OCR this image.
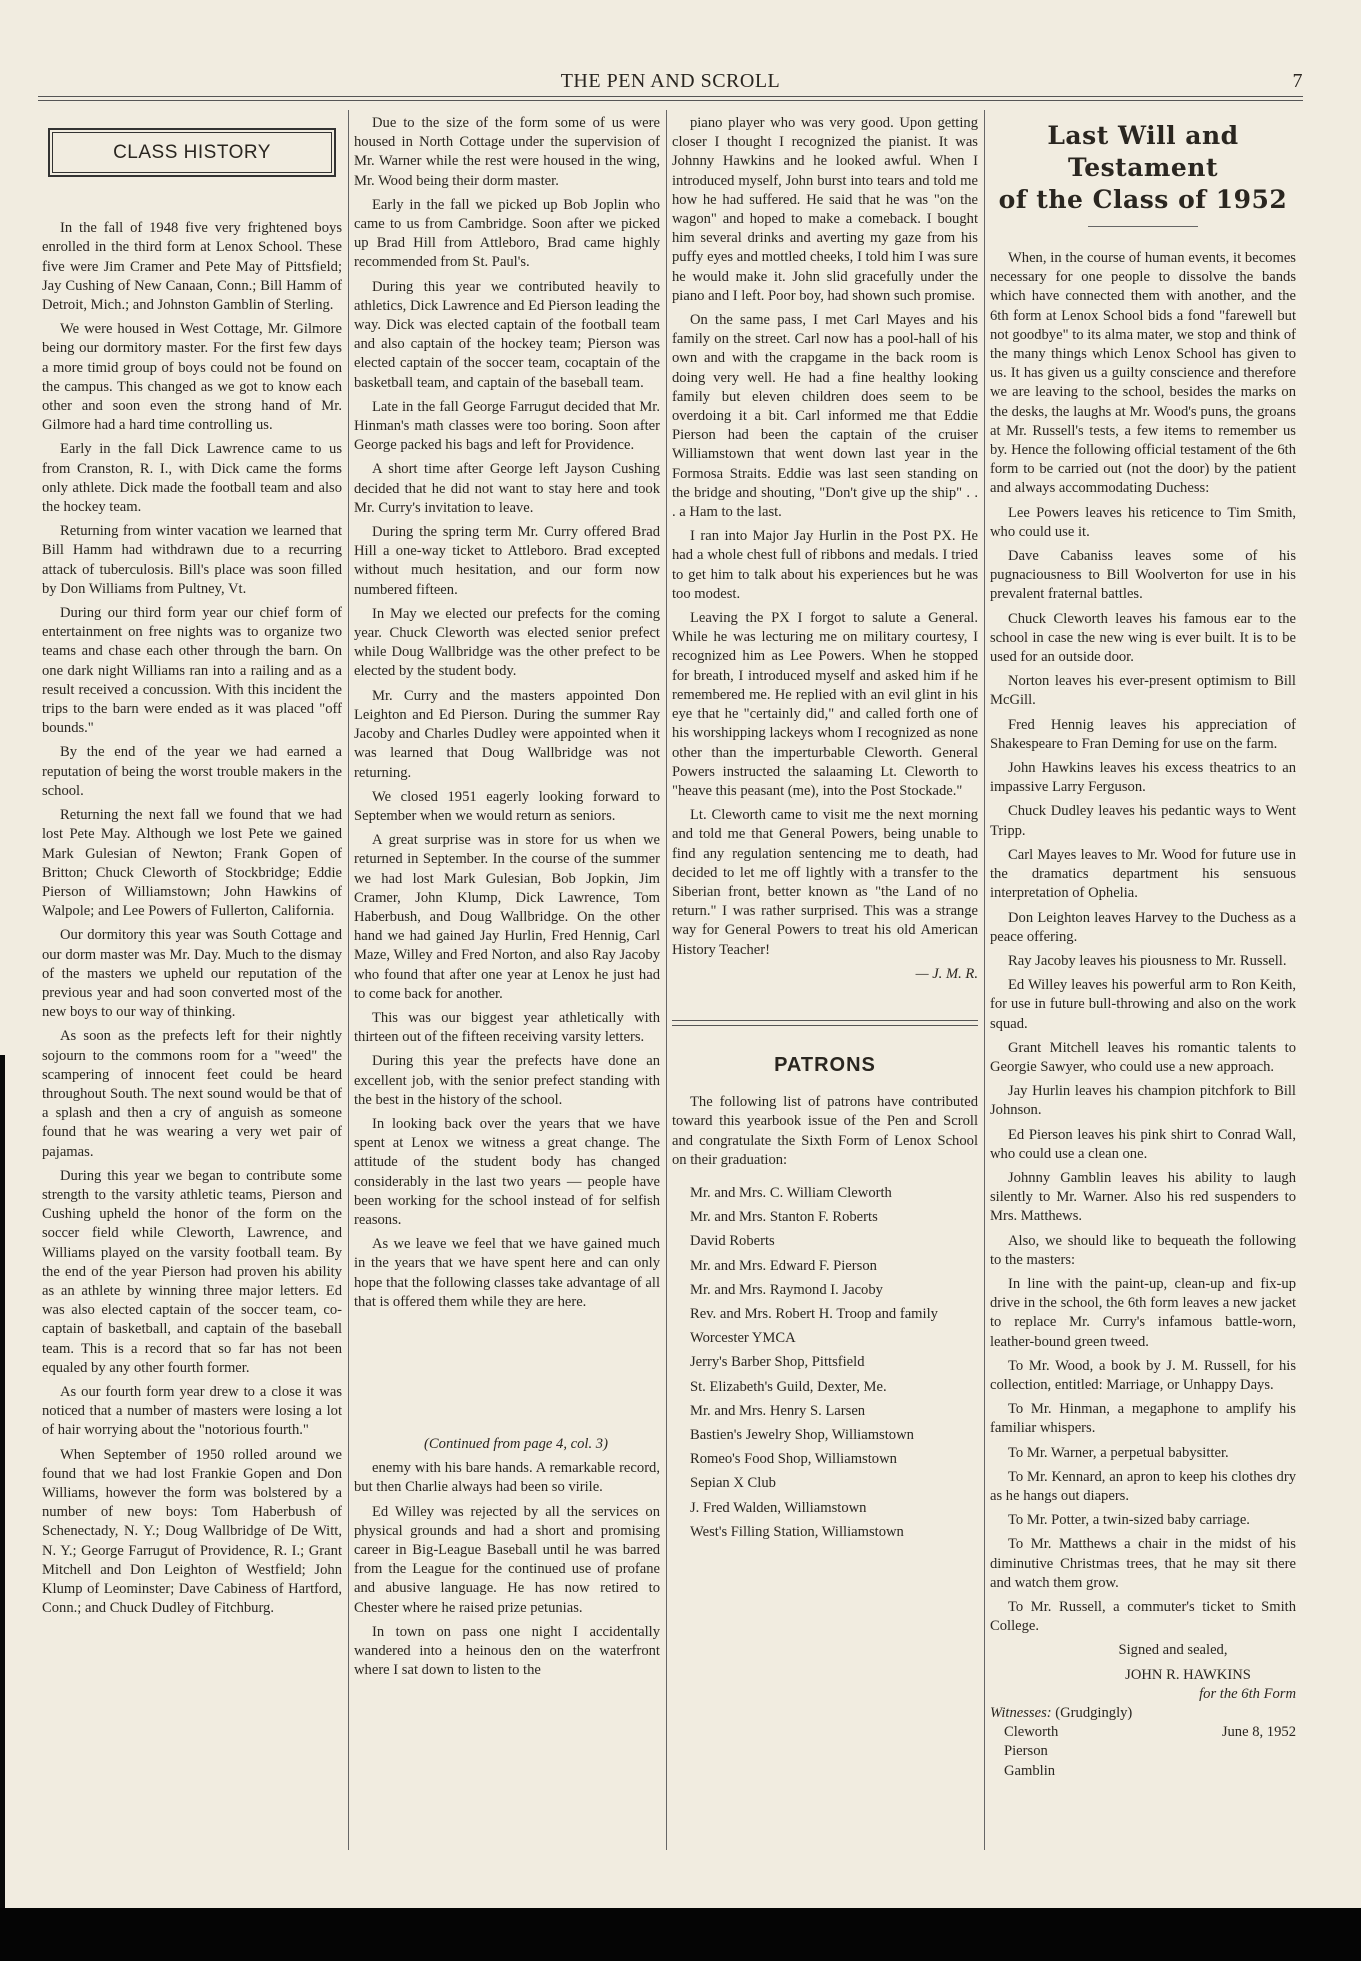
THE PEN AND SCROLL	7
CLASS HISTORY

In the fall of 1948 five very frightened boys enrolled in the third form at Lenox School. These five were Jim Cramer and Pete May of Pittsfield; Jay Cushing of New Canaan, Conn.; Bill Hamm of Detroit, Mich.; and Johnston Gamblin of Sterling.

We were housed in West Cottage, Mr. Gilmore being our dormitory master. For the first few days a more timid group of boys could not be found on the campus. This changed as we got to know each other and soon even the strong hand of Mr. Gilmore had a hard time controlling us.

Early in the fall Dick Lawrence came to us from Cranston, R. I., with Dick came the forms only athlete. Dick made the football team and also the hockey team.

Returning from winter vacation we learned that Bill Hamm had withdrawn due to a recurring attack of tuberculosis. Bill's place was soon filled by Don Williams from Pultney, Vt.

During our third form year our chief form of entertainment on free nights was to organize two teams and chase each other through the barn. On one dark night Williams ran into a railing and as a result received a concussion. With this incident the trips to the barn were ended as it was placed "off bounds."

By the end of the year we had earned a reputation of being the worst trouble makers in the school.

Returning the next fall we found that we had lost Pete May. Although we lost Pete we gained Mark Gulesian of Newton; Frank Gopen of Britton; Chuck Cleworth of Stockbridge; Eddie Pierson of Williamstown; John Hawkins of Walpole; and Lee Powers of Fullerton, California.

Our dormitory this year was South Cottage and our dorm master was Mr. Day. Much to the dismay of the masters we upheld our reputation of the previous year and had soon converted most of the new boys to our way of thinking.

As soon as the prefects left for their nightly sojourn to the commons room for a "weed" the scampering of innocent feet could be heard throughout South. The next sound would be that of a splash and then a cry of anguish as someone found that he was wearing a very wet pair of pajamas.

During this year we began to contribute some strength to the varsity athletic teams, Pierson and Cushing upheld the honor of the form on the soccer field while Cleworth, Lawrence, and Williams played on the varsity football team. By the end of the year Pierson had proven his ability as an athlete by winning three major letters. Ed was also elected captain of the soccer team, co-captain of basketball, and captain of the baseball team. This is a record that so far has not been equaled by any other fourth former.

As our fourth form year drew to a close it was noticed that a number of masters were losing a lot of hair worrying about the "notorious fourth."

When September of 1950 rolled around we found that we had lost Frankie Gopen and Don Williams, however the form was bolstered by a number of new boys: Tom Haberbush of Schenectady, N. Y.; Doug Wallbridge of De Witt, N. Y.; George Farrugut of Providence, R. I.; Grant Mitchell and Don Leighton of Westfield; John Klump of Leominster; Dave Cabiness of Hartford, Conn.; and Chuck Dudley of Fitchburg.

Due to the size of the form some of us were housed in North Cottage under the supervision of Mr. Warner while the rest were housed in the wing, Mr. Wood being their dorm master.

Early in the fall we picked up Bob Joplin who came to us from Cambridge. Soon after we picked up Brad Hill from Attleboro, Brad came highly recommended from St. Paul's.

During this year we contributed heavily to athletics, Dick Lawrence and Ed Pierson leading the way. Dick was elected captain of the football team and also captain of the hockey team; Pierson was elected captain of the soccer team, cocaptain of the basketball team, and captain of the baseball team.

Late in the fall George Farrugut decided that Mr. Hinman's math classes were too boring. Soon after George packed his bags and left for Providence.

A short time after George left Jayson Cushing decided that he did not want to stay here and took Mr. Curry's invitation to leave.

During the spring term Mr. Curry offered Brad Hill a one-way ticket to Attleboro. Brad excepted without much hesitation, and our form now numbered fifteen.

In May we elected our prefects for the coming year. Chuck Cleworth was elected senior prefect while Doug Wallbridge was the other prefect to be elected by the student body.

Mr. Curry and the masters appointed Don Leighton and Ed Pierson. During the summer Ray Jacoby and Charles Dudley were appointed when it was learned that Doug Wallbridge was not returning.

We closed 1951 eagerly looking forward to September when we would return as seniors.

A great surprise was in store for us when we returned in September. In the course of the summer we had lost Mark Gulesian, Bob Jopkin, Jim Cramer, John Klump, Dick Lawrence, Tom Haberbush, and Doug Wallbridge. On the other hand we had gained Jay Hurlin, Fred Hennig, Carl Maze, Willey and Fred Norton, and also Ray Jacoby who found that after one year at Lenox he just had to come back for another.

This was our biggest year athletically with thirteen out of the fifteen receiving varsity letters.

During this year the prefects have done an excellent job, with the senior prefect standing with the best in the history of the school.

In looking back over the years that we have spent at Lenox we witness a great change. The attitude of the student body has changed considerably in the last two years — people have been working for the school instead of for selfish reasons.

As we leave we feel that we have gained much in the years that we have spent here and can only hope that the following classes take advantage of all that is offered them while they are here.

(Continued from page 4, col. 3)

enemy with his bare hands. A remarkable record, but then Charlie always had been so virile.

Ed Willey was rejected by all the services on physical grounds and had a short and promising career in Big-League Baseball until he was barred from the League for the continued use of profane and abusive language. He has now retired to Chester where he raised prize petunias.

In town on pass one night I accidentally wandered into a heinous den on the waterfront where I sat down to listen to the

piano player who was very good. Upon getting closer I thought I recognized the pianist. It was Johnny Hawkins and he looked awful. When I introduced myself, John burst into tears and told me how he had suffered. He said that he was "on the wagon" and hoped to make a comeback. I bought him several drinks and averting my gaze from his puffy eyes and mottled cheeks, I told him I was sure he would make it. John slid gracefully under the piano and I left. Poor boy, had shown such promise.

On the same pass, I met Carl Mayes and his family on the street. Carl now has a pool-hall of his own and with the crapgame in the back room is doing very well. He had a fine healthy looking family but eleven children does seem to be overdoing it a bit. Carl informed me that Eddie Pierson had been the captain of the cruiser Williamstown that went down last year in the Formosa Straits. Eddie was last seen standing on the bridge and shouting, "Don't give up the ship" . . . a Ham to the last.

I ran into Major Jay Hurlin in the Post PX. He had a whole chest full of ribbons and medals. I tried to get him to talk about his experiences but he was too modest.

Leaving the PX I forgot to salute a General. While he was lecturing me on military courtesy, I recognized him as Lee Powers. When he stopped for breath, I introduced myself and asked him if he remembered me. He replied with an evil glint in his eye that he "certainly did," and called forth one of his worshipping lackeys whom I recognized as none other than the imperturbable Cleworth. General Powers instructed the salaaming Lt. Cleworth to "heave this peasant (me), into the Post Stockade."

Lt. Cleworth came to visit me the next morning and told me that General Powers, being unable to find any regulation sentencing me to death, had decided to let me off lightly with a transfer to the Siberian front, better known as "the Land of no return." I was rather surprised. This was a strange way for General Powers to treat his old American History Teacher!

— J. M. R.

PATRONS

The following list of patrons have contributed toward this yearbook issue of the Pen and Scroll and congratulate the Sixth Form of Lenox School on their graduation:

Mr. and Mrs. C. William Cleworth

Mr. and Mrs. Stanton F. Roberts

David Roberts

Mr. and Mrs. Edward F. Pierson

Mr. and Mrs. Raymond I. Jacoby

Rev. and Mrs. Robert H. Troop and family

Worcester YMCA

Jerry's Barber Shop, Pittsfield

St. Elizabeth's Guild, Dexter, Me.

Mr. and Mrs. Henry S. Larsen

Bastien's Jewelry Shop, Williamstown

Romeo's Food Shop, Williamstown

Sepian X Club

J. Fred Walden, Williamstown

West's Filling Station, Williamstown

Last Will and Testament
of the Class of 1952

When, in the course of human events, it becomes necessary for one people to dissolve the bands which have connected them with another, and the 6th form at Lenox School bids a fond "farewell but not goodbye" to its alma mater, we stop and think of the many things which Lenox School has given to us. It has given us a guilty conscience and therefore we are leaving to the school, besides the marks on the desks, the laughs at Mr. Wood's puns, the groans at Mr. Russell's tests, a few items to remember us by. Hence the following official testament of the 6th form to be carried out (not the door) by the patient and always accommodating Duchess:

Lee Powers leaves his reticence to Tim Smith, who could use it.

Dave Cabaniss leaves some of his pugnaciousness to Bill Woolverton for use in his prevalent fraternal battles.

Chuck Cleworth leaves his famous ear to the school in case the new wing is ever built. It is to be used for an outside door.

Norton leaves his ever-present optimism to Bill McGill.

Fred Hennig leaves his appreciation of Shakespeare to Fran Deming for use on the farm.

John Hawkins leaves his excess theatrics to an impassive Larry Ferguson.

Chuck Dudley leaves his pedantic ways to Went Tripp.

Carl Mayes leaves to Mr. Wood for future use in the dramatics department his sensuous interpretation of Ophelia.

Don Leighton leaves Harvey to the Duchess as a peace offering.

Ray Jacoby leaves his piousness to Mr. Russell.

Ed Willey leaves his powerful arm to Ron Keith, for use in future bull-throwing and also on the work squad.

Grant Mitchell leaves his romantic talents to Georgie Sawyer, who could use a new approach.

Jay Hurlin leaves his champion pitchfork to Bill Johnson.

Ed Pierson leaves his pink shirt to Conrad Wall, who could use a clean one.

Johnny Gamblin leaves his ability to laugh silently to Mr. Warner. Also his red suspenders to Mrs. Matthews.

Also, we should like to bequeath the following to the masters:

In line with the paint-up, clean-up and fix-up drive in the school, the 6th form leaves a new jacket to replace Mr. Curry's infamous battle-worn, leather-bound green tweed.

To Mr. Wood, a book by J. M. Russell, for his collection, entitled: Marriage, or Unhappy Days.

To Mr. Hinman, a megaphone to amplify his familiar whispers.

To Mr. Warner, a perpetual babysitter.

To Mr. Kennard, an apron to keep his clothes dry as he hangs out diapers.

To Mr. Potter, a twin-sized baby carriage.

To Mr. Matthews a chair in the midst of his diminutive Christmas trees, that he may sit there and watch them grow.

To Mr. Russell, a commuter's ticket to Smith College.

Signed and sealed,

JOHN R. HAWKINS

for the 6th Form

Witnesses: (Grudgingly)

Cleworth

Pierson

Gamblin

June 8, 1952
